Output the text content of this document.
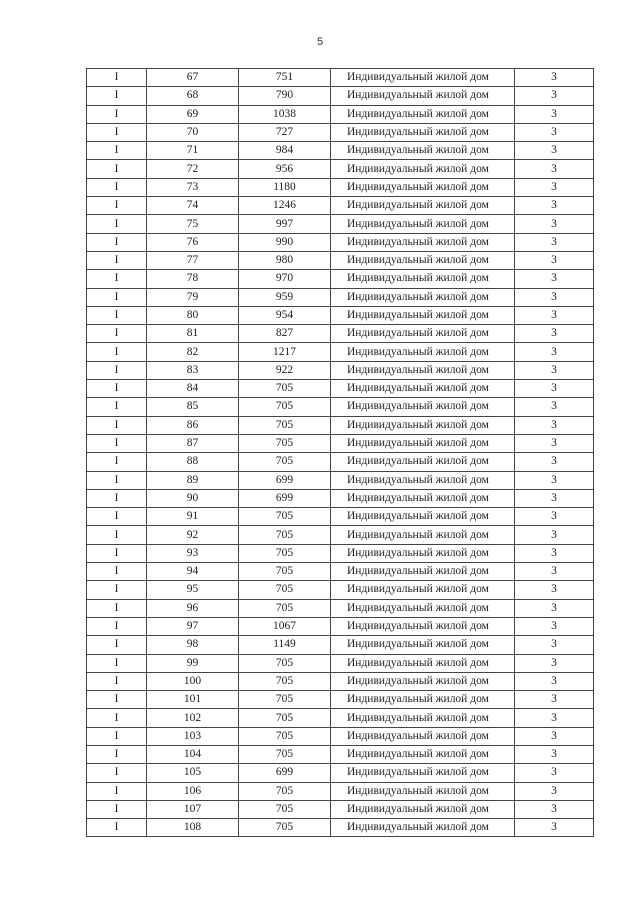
5
I	67	751	Индивидуальный жилой дом	3
I	68	790	Индивидуальный жилой дом	3
I	69	1038	Индивидуальный жилой дом	3
I	70	727	Индивидуальный жилой дом	3
I	71	984	Индивидуальный жилой дом	3
I	72	956	Индивидуальный жилой дом	3
I	73	1180	Индивидуальный жилой дом	3
I	74	1246	Индивидуальный жилой дом	3
I	75	997	Индивидуальный жилой дом	3
I	76	990	Индивидуальный жилой дом	3
I	77	980	Индивидуальный жилой дом	3
I	78	970	Индивидуальный жилой дом	3
I	79	959	Индивидуальный жилой дом	3
I	80	954	Индивидуальный жилой дом	3
I	81	827	Индивидуальный жилой дом	3
I	82	1217	Индивидуальный жилой дом	3
I	83	922	Индивидуальный жилой дом	3
I	84	705	Индивидуальный жилой дом	3
I	85	705	Индивидуальный жилой дом	3
I	86	705	Индивидуальный жилой дом	3
I	87	705	Индивидуальный жилой дом	3
I	88	705	Индивидуальный жилой дом	3
I	89	699	Индивидуальный жилой дом	3
I	90	699	Индивидуальный жилой дом	3
I	91	705	Индивидуальный жилой дом	3
I	92	705	Индивидуальный жилой дом	3
I	93	705	Индивидуальный жилой дом	3
I	94	705	Индивидуальный жилой дом	3
I	95	705	Индивидуальный жилой дом	3
I	96	705	Индивидуальный жилой дом	3
I	97	1067	Индивидуальный жилой дом	3
I	98	1149	Индивидуальный жилой дом	3
I	99	705	Индивидуальный жилой дом	3
I	100	705	Индивидуальный жилой дом	3
I	101	705	Индивидуальный жилой дом	3
I	102	705	Индивидуальный жилой дом	3
I	103	705	Индивидуальный жилой дом	3
I	104	705	Индивидуальный жилой дом	3
I	105	699	Индивидуальный жилой дом	3
I	106	705	Индивидуальный жилой дом	3
I	107	705	Индивидуальный жилой дом	3
I	108	705	Индивидуальный жилой дом	3
